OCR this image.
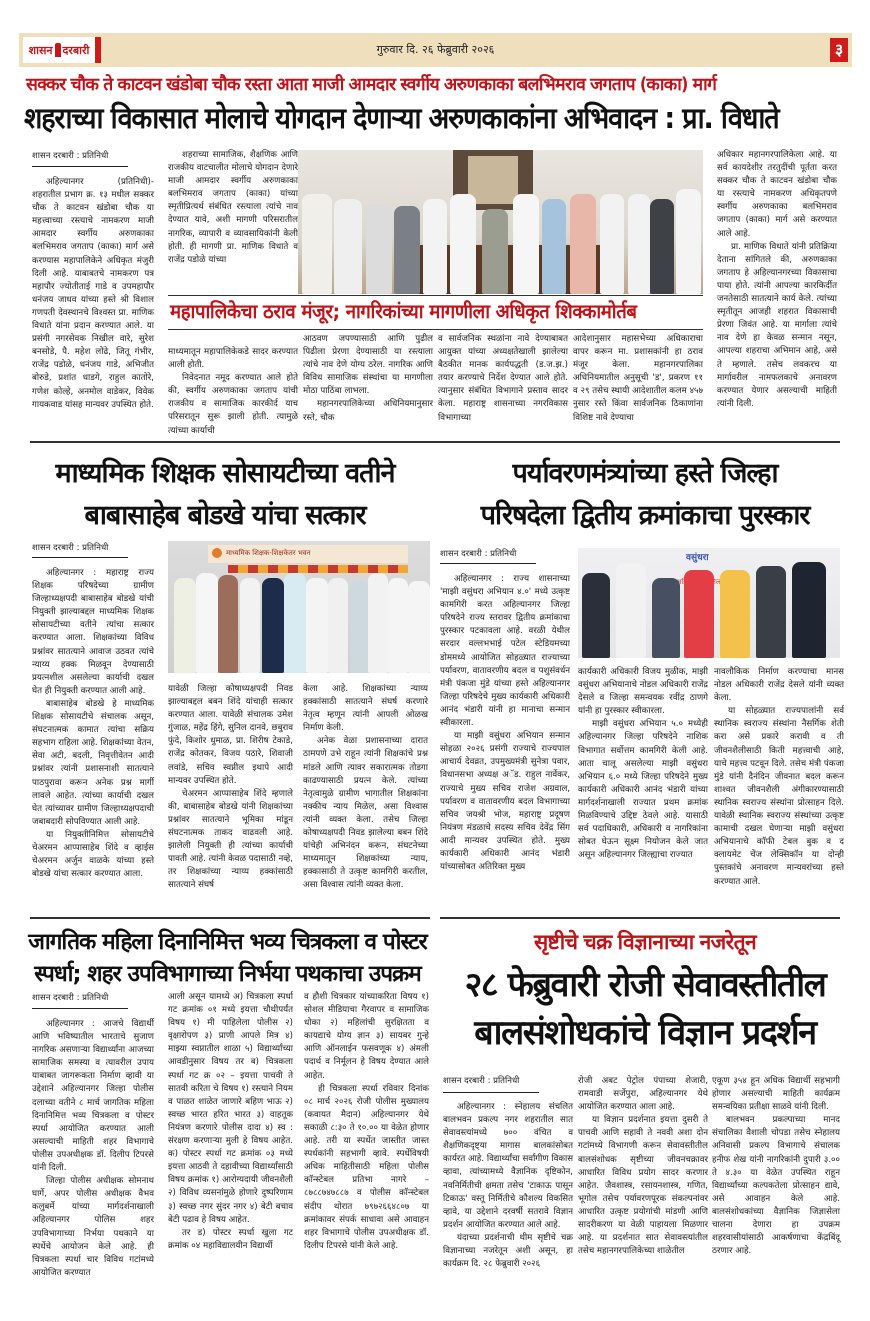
शासन दरबारी	गुरुवार दि. २६ फेब्रुवारी २०२६	३
सक्कर चौक ते काटवन खंडोबा चौक रस्ता आता माजी आमदार स्वर्गीय अरुणकाका बलभिमराव जगताप (काका) मार्ग
शहराच्या विकासात मोलाचे योगदान देणाऱ्या अरुणकाकांना अभिवादन : प्रा. विधाते
शासन दरबारी : प्रतिनिधी

अहिल्यानगर (प्रतिनिधी)- शहरातील प्रभाग क्र. १३ मधील सक्कर चौक ते काटवन खंडोबा चौक या महत्त्वाच्या रस्त्याचे नामकरण माजी आमदार स्वर्गीय अरुणकाका बलभिमराव जगताप (काका) मार्ग असे करण्यास महापालिकेने अधिकृत मंजुरी दिली आहे. याबाबतचे नामकरण पत्र महापौर ज्योतीताई गाडे व उपमहापौर धनंजय जाधव यांच्या हस्ते श्री विशाल गणपती देवस्थानचे विश्वस्त प्रा. माणिक विधाते यांना प्रदान करण्यात आले. या प्रसंगी नगरसेवक निखील वारे, सुरेश बनसोडे, पै. महेश लोंढे, जितू गंभीर, राजेंद्र पडोळे, धनंजय गाडे, अभिजीत बोरुडे, प्रशांत धाडगे, राहुल कातोरे, गणेश कोल्हे, अनमोल वाडेकर, विवेक गायकवाड यांसह मान्यवर उपस्थित होते.

शहराच्या सामाजिक, शैक्षणिक आणि राजकीय वाटचालीत मोलाचे योगदान देणारे माजी आमदार स्वर्गीय अरुणकाका बलभिमराव जगताप (काका) यांच्या स्मृतीप्रित्यर्थ संबंधित रस्त्याला त्यांचे नाव देण्यात यावे, अशी मागणी परिसरातील नागरिक, व्यापारी व व्यावसायिकांनी केली होती. ही मागणी प्रा. माणिक विधाते व राजेंद्र पडोळे यांच्या

महापालिकेचा ठराव मंजूर; नागरिकांच्या मागणीला अधिकृत शिक्कामोर्तब

माध्यमातून महापालिकेकडे सादर करण्यात आली होती.

निवेदनात नमूद करण्यात आले होते की, स्वर्गीय अरुणकाका जगताप यांची राजकीय व सामाजिक कारकीर्द याच परिसरातून सुरू झाली होती. त्यामुळे त्यांच्या कार्याची

आठवण जपण्यासाठी आणि पुढील पिढीला प्रेरणा देण्यासाठी या रस्त्याला त्यांचे नाव देणे योग्य ठरेल. नागरिक आणि विविध सामाजिक संस्थांचा या मागणीला मोठा पाठिंबा लाभला.

महानगरपालिकेच्या अधिनियमानुसार रस्ते, चौक

व सार्वजनिक स्थळांना नावे देण्याबाबत आयुक्त यांच्या अध्यक्षतेखाली झालेल्या बैठकीत मानक कार्यपद्धती (ड.ज.झ.) तयार करण्याचे निर्देश देण्यात आले होते. त्यानुसार संबंधित विभागाने प्रस्ताव सादर केला. महाराष्ट्र शासनाच्या नगरविकास विभागाच्या

आदेशानुसार महासभेच्या अधिकाराचा वापर करून मा. प्रशासकांनी हा ठराव मंजूर केला. महानगरपालिका अधिनियमातील अनुसूची 'ड', प्रकरण ११ व २९ तसेच स्थायी आदेशातील कलम ४५७ नुसार रस्ते किंवा सार्वजनिक ठिकाणांना विशिष्ट नावे देण्याचा

अधिकार महानगरपालिकेला आहे. या सर्व कायदेशीर तरतुदींची पूर्तता करत सक्कर चौक ते काटवन खंडोबा चौक या रस्त्याचे नामकरण अधिकृतपणे स्वर्गीय अरुणकाका बलभिमराव जगताप (काका) मार्ग असे करण्यात आले आहे.

प्रा. माणिक विधाते यांनी प्रतिक्रिया देताना सांगितले की, अरुणकाका जगताप हे अहिल्यानगरच्या विकासाचा पाया होते. त्यांनी आपल्या कारकिर्दीत जनतेसाठी सातत्याने कार्य केले. त्यांच्या स्मृतीतून आजही शहरात विकासाची प्रेरणा जिवंत आहे. या मार्गाला त्यांचे नाव देणे हा केवळ सन्मान नसून, आपल्या शहराचा अभिमान आहे, असे ते म्हणाले. तसेच लवकरच या मार्गावरील नामफलकाचे अनावरण करण्यात येणार असल्याची माहिती त्यांनी दिली.

माध्यमिक शिक्षक सोसायटीच्या वतीने
बाबासाहेब बोडखे यांचा सत्कार
शासन दरबारी : प्रतिनिधी

अहिल्यानगर : महाराष्ट्र राज्य शिक्षक परिषदेच्या ग्रामीण जिल्हाध्यक्षपदी बाबासाहेब बोडखे यांची नियुक्ती झाल्याबद्दल माध्यमिक शिक्षक सोसायटीच्या वतीने त्यांचा सत्कार करण्यात आला. शिक्षकांच्या विविध प्रश्नांवर सातत्याने आवाज उठवत त्यांचे न्याय्य हक्क मिळवून देण्यासाठी प्रयत्नशील असलेल्या कार्याची दखल घेत ही नियुक्ती करण्यात आली आहे.

बाबासाहेब बोडखे हे माध्यमिक शिक्षक सोसायटीचे संचालक असून, संघटनात्मक कामात त्यांचा सक्रिय सहभाग राहिला आहे. शिक्षकांच्या वेतन, सेवा अटी, बदली, निवृत्तीवेतन आदी प्रश्नांवर त्यांनी प्रशासनाशी सातत्याने पाठपुरावा करून अनेक प्रश्न मार्गी लावले आहेत. त्यांच्या कार्याची दखल घेत त्यांच्यावर ग्रामीण जिल्हाध्यक्षपदाची जबाबदारी सोपविण्यात आली आहे.

या नियुक्तीनिमित्त सोसायटीचे चेअरमन आप्पासाहेब शिंदे व व्हाईस चेअरमन अर्जुन वाळके यांच्या हस्ते बोडखे यांचा सत्कार करण्यात आला.

माध्यमिक शिक्षक-शिक्षकेतर भवन

यावेळी जिल्हा कोषाध्यक्षपदी निवड झाल्याबद्दल बबन शिंदे यांचाही सत्कार करण्यात आला. यावेळी संचालक उमेश गुंजाळ, महेंद्र हिंगे, सुनिल दानवे, छबुराव फुंदे, किशोर धुमाळ, प्रा. शिरीष टेकाडे, राजेंद्र कोतकर, विजय पठारे, शिवाजी लवांडे, सचिव स्वप्नील इथापे आदी मान्यवर उपस्थित होते.

चेअरमन आप्पासाहेब शिंदे म्हणाले की, बाबासाहेब बोडखे यांनी शिक्षकांच्या प्रश्नांवर सातत्याने भूमिका मांडून संघटनात्मक ताकद वाढवली आहे. झालेली नियुक्ती ही त्यांच्या कार्याची पावती आहे. त्यांनी केवळ पदासाठी नव्हे, तर शिक्षकांच्या न्याय्य हक्कांसाठी सातत्याने संघर्ष

केला आहे. शिक्षकांच्या न्याय्य हक्कांसाठी सातत्याने संघर्ष करणारे नेतृत्व म्हणून त्यांनी आपली ओळख निर्माण केली.

अनेक वेळा प्रशासनाच्या दारात ठामपणे उभे राहून त्यांनी शिक्षकांचे प्रश्न मांडले आणि त्यावर सकारात्मक तोडगा काढण्यासाठी प्रयत्न केले. त्यांच्या नेतृत्वामुळे ग्रामीण भागातील शिक्षकांना नक्कीच न्याय मिळेल, असा विश्वास त्यांनी व्यक्त केला. तसेच जिल्हा कोषाध्यक्षपदी निवड झालेल्या बबन शिंदे यांचेही अभिनंदन करून, संघटनेच्या माध्यमातून शिक्षकांच्या न्याय, हक्कासाठी ते उत्कृष्ट कामगिरी करतील, असा विश्वास त्यांनी व्यक्त केला.

पर्यावरणमंत्र्यांच्या हस्ते जिल्हा
परिषदेला द्वितीय क्रमांकाचा पुरस्कार
शासन दरबारी : प्रतिनिधी

अहिल्यानगर : राज्य शासनाच्या 'माझी वसुंधरा अभियान ४.०' मध्ये उत्कृष्ट कामगिरी करत अहिल्यानगर जिल्हा परिषदेने राज्य स्तरावर द्वितीय क्रमांकाचा पुरस्कार पटकावला आहे. वरळी येथील सरदार वल्लभभाई पटेल स्टेडियमच्या डोममध्ये आयोजित सोहळ्यात राज्याच्या पर्यावरण, वातावरणीय बदल व पशुसंवर्धन मंत्री पंकजा मुंडे यांच्या हस्ते अहिल्यानगर जिल्हा परिषदेचे मुख्य कार्यकारी अधिकारी आनंद भंडारी यांनी हा मानाचा सन्मान स्वीकारला.

या माझी वसुंधरा अभियान सन्मान सोहळा २०२६ प्रसंगी राज्याचे राज्यपाल आचार्य देवव्रत, उपमुख्यमंत्री सुनेत्रा पवार, विधानसभा अध्यक्ष अॅड. राहुल नार्वेकर, राज्याचे मुख्य सचिव राजेश अग्रवाल, पर्यावरण व वातावरणीय बदल विभागाच्या सचिव जयश्री भोज, महाराष्ट्र प्रदूषण नियंत्रण मंडळाचे सदस्य सचिव देवेंद्र सिंग आदी मान्यवर उपस्थित होते. मुख्य कार्यकारी अधिकारी आनंद भंडारी यांच्यासोबत अतिरिक्त मुख्य

वसुंधरा
जिल्हा

कार्यकारी अधिकारी विजय मुळीक, माझी वसुंधरा अभियानाचे नोडल अधिकारी राजेंद्र देसले व जिल्हा समन्वयक रवींद्र ठाणगे यांनी हा पुरस्कार स्वीकारला.

माझी वसुंधरा अभियान ५.० मध्येही अहिल्यानगर जिल्हा परिषदेने नाशिक विभागात सर्वोत्तम कामगिरी केली आहे. आता चालू असलेल्या माझी वसुंधरा अभियान ६.० मध्ये जिल्हा परिषदेने मुख्य कार्यकारी अधिकारी आनंद भंडारी यांच्या मार्गदर्शनाखाली राज्यात प्रथम क्रमांक मिळविण्याचे उद्दिष्ट ठेवले आहे. यासाठी सर्व पदाधिकारी, अधिकारी व नागरिकांना सोबत घेऊन सूक्ष्म नियोजन केले जात असून अहिल्यानगर जिल्ह्याचा राज्यात

नावलौकिक निर्माण करण्याचा मानस नोडल अधिकारी राजेंद्र देसले यांनी व्यक्त केला.

या सोहळ्यात राज्यपालांनी सर्व स्थानिक स्वराज्य संस्थांना नैसर्गिक शेती करा असे प्रकारे करावी व ती जीवनशैलीसाठी किती महत्त्वाची आहे, याचे महत्त्व पटवून दिले. तसेच मंत्री पंकजा मुंडे यांनी दैनंदिन जीवनात बदल करून शाश्वत जीवनशैली अंगीकारण्यासाठी स्थानिक स्वराज्य संस्थांना प्रोत्साहन दिले. यावेळी स्थानिक स्वराज्य संस्थांच्या उत्कृष्ट कामाची दखल घेणाऱ्या माझी वसुंधरा अभियानाचे कॉफी टेबल बुक व द क्लायमेट चेंज लेक्सिकॉन या दोन्ही पुस्तकांचे अनावरण मान्यवरांच्या हस्ते करण्यात आले.

जागतिक महिला दिनानिमित्त भव्य चित्रकला व पोस्टर
स्पर्धा; शहर उपविभागाच्या निर्भया पथकाचा उपक्रम
शासन दरबारी : प्रतिनिधी

अहिल्यानगर : आजचे विद्यार्थी आणि भविष्यातील भारताचे सुजाण नागरिक असणाऱ्या विद्यार्थ्यांना आजच्या सामाजिक समस्या व त्यावरील उपाय याबाबत जागरूकता निर्माण व्हावी या उद्देशाने अहिल्यानगर जिल्हा पोलीस दलाच्या वतीने ८ मार्च जागतिक महिला दिनानिमित्त भव्य चित्रकला व पोस्टर स्पर्धा आयोजित करण्यात आली असल्याची माहिती शहर विभागाचे पोलीस उपअधीक्षक डॉ. दिलीप टिपरसे यांनी दिली.

जिल्हा पोलीस अधीक्षक सोमनाथ घार्गे, अपर पोलीस अधीक्षक वैभव कलुबर्मे यांच्या मार्गदर्शनाखाली अहिल्यानगर पोलिस शहर उपविभागाच्या निर्भया पथकाने या स्पर्धेचे आयोजन केले आहे. ही चित्रकला स्पर्धा चार विविध गटांमध्ये आयोजित करण्यात

आली असून यामध्ये अ) चित्रकला स्पर्धा गट क्रमांक ०१ मध्ये इयत्ता चौथीपर्यंत विषय १) मी पाहिलेला पोलीस २) वृक्षारोपण ३) प्राणी आपले मित्र ४) माझ्या स्वप्नातील शाळा ५) विद्यार्थ्यांच्या आवडीनुसार विषय तर ब) चित्रकला स्पर्धा गट क्र ०२ – इयत्ता पाचवी ते सातवी करिता चे विषय १) रस्त्याने नियम व पाळत शाळेत जाणारे बहिण भाऊ २) स्वच्छ भारत हरित भारत ३) वाहतूक नियंत्रण करणारे पोलीस दादा ४) स्व : संरक्षण करणाऱ्या मुली हे विषय आहेत. क) पोस्टर स्पर्धा गट क्रमांक ०३ मध्ये इयत्ता आठवी ते दहावीच्या विद्यार्थ्यांसाठी विषय क्रमांक १) आरोग्यदायी जीवनशैली २) विविध व्यसनांमुळे होणारे दुष्परिणाम ३) स्वच्छ नगर सुंदर नगर ४) बेटी बचाव बेटी पढाव हे विषय आहेत.

तर ड) पोस्टर स्पर्धा खुला गट क्रमांक ०४ महाविद्यालयीन विद्यार्थी

व हौशी चित्रकार यांच्याकरिता विषय १) सोशल मीडियाचा गैरवापर व सामाजिक धोका २) महिलांची सुरक्षितता व कायद्याचे योग्य ज्ञान ३) सायबर गुन्हे आणि ऑनलाईन फसवणूक ४) अंमली पदार्थ व निर्मूलन हे विषय देण्यात आले आहेत.

ही चित्रकला स्पर्धा रविवार दिनांक ०८ मार्च २०२६ रोजी पोलीस मुख्यालय (कवायत मैदान) अहिल्यानगर येथे सकाळी ८:३० ते १०.०० या वेळेत होणार आहे. तरी या स्पर्धेत जास्तीत जास्त स्पर्धकांनी सहभागी व्हावे. स्पर्धेविषयी अधिक माहितीसाठी महिला पोलीस कॉन्स्टेबल प्रतिभा नागरे – ८७८८७४७८८७ व पोलीस कॉन्स्टेबल संदीप थोरात ७९७२६६४८०७ या क्रमांकावर संपर्क साधावा असे आवाहन शहर विभागाचे पोलीस उपअधीक्षक डॉ. दिलीप टिपरसे यांनी केले आहे.

सृष्टीचे चक्र विज्ञानाच्या नजरेतून
२८ फेब्रुवारी रोजी सेवावस्तीतील
बालसंशोधकांचे विज्ञान प्रदर्शन
शासन दरबारी : प्रतिनिधी

अहिल्यानगर : स्नेहालय संचलित बालभवन प्रकल्प नगर शहरातील सात सेवावस्त्यांमध्ये ७०० वंचित व शैक्षणिकदृष्ट्या मागास बालकांसोबत कार्यरत आहे. विद्यार्थ्यांचा सर्वांगीण विकास व्हावा, त्यांच्यामध्ये वैज्ञानिक दृष्टिकोन, नवनिर्मितीची क्षमता तसेच 'टाकाऊ पासून टिकाऊ' वस्तू निर्मितीचे कौशल्य विकसित व्हावे, या उद्देशाने दरवर्षी सतरावे विज्ञान प्रदर्शन आयोजित करण्यात आले आहे.

यंदाच्या प्रदर्शनाची थीम सृष्टीचे चक्र विज्ञानाच्या नजरेतून अशी असून, हा कार्यक्रम दि. २८ फेब्रुवारी २०२६

रोजी अबट पेट्रोल पंपाच्या शेजारी, रामवाडी सर्जेपुरा, अहिल्यानगर येथे आयोजित करण्यात आला आहे.

या विज्ञान प्रदर्शनात इयत्ता दुसरी ते पाचवी आणि सहावी ते नववी अशा दोन गटांमध्ये विभागणी करून सेवावस्तीतील बालसंशोधक सृष्टीच्या जीवनचक्रावर आधारित विविध प्रयोग सादर करणार आहेत. जैवशास्त्र, रसायनशास्त्र, गणित, भूगोल तसेच पर्यावरणपूरक संकल्पनांवर आधारित उत्कृष्ट प्रयोगांची मांडणी आणि सादरीकरण या वेळी पाहायला मिळणार आहे. या प्रदर्शनात सात सेवावस्त्यांतील तसेच महानगरपालिकेच्या शाळेतील

एकूण ३५४ हून अधिक विद्यार्थी सहभागी होणार असल्याची माहिती कार्यक्रम समन्वयिका प्रतीक्षा साळवे यांनी दिली.

बालभवन प्रकल्पाच्या मानद संचालिका वैशाली चोपडा तसेच स्नेहालय अनिवासी प्रकल्प विभागाचे संचालक हनीफ शेख यांनी नागरिकांनी दुपारी ३.०० ते ४.३० या वेळेत उपस्थित राहून विद्यार्थ्यांच्या कल्पकतेला प्रोत्साहन द्यावे, असे आवाहन केले आहे. बालसंशोधकांच्या वैज्ञानिक जिज्ञासेला चालना देणारा हा उपक्रम शहरवासीयांसाठी आकर्षणाचा केंद्रबिंदू ठरणार आहे.
